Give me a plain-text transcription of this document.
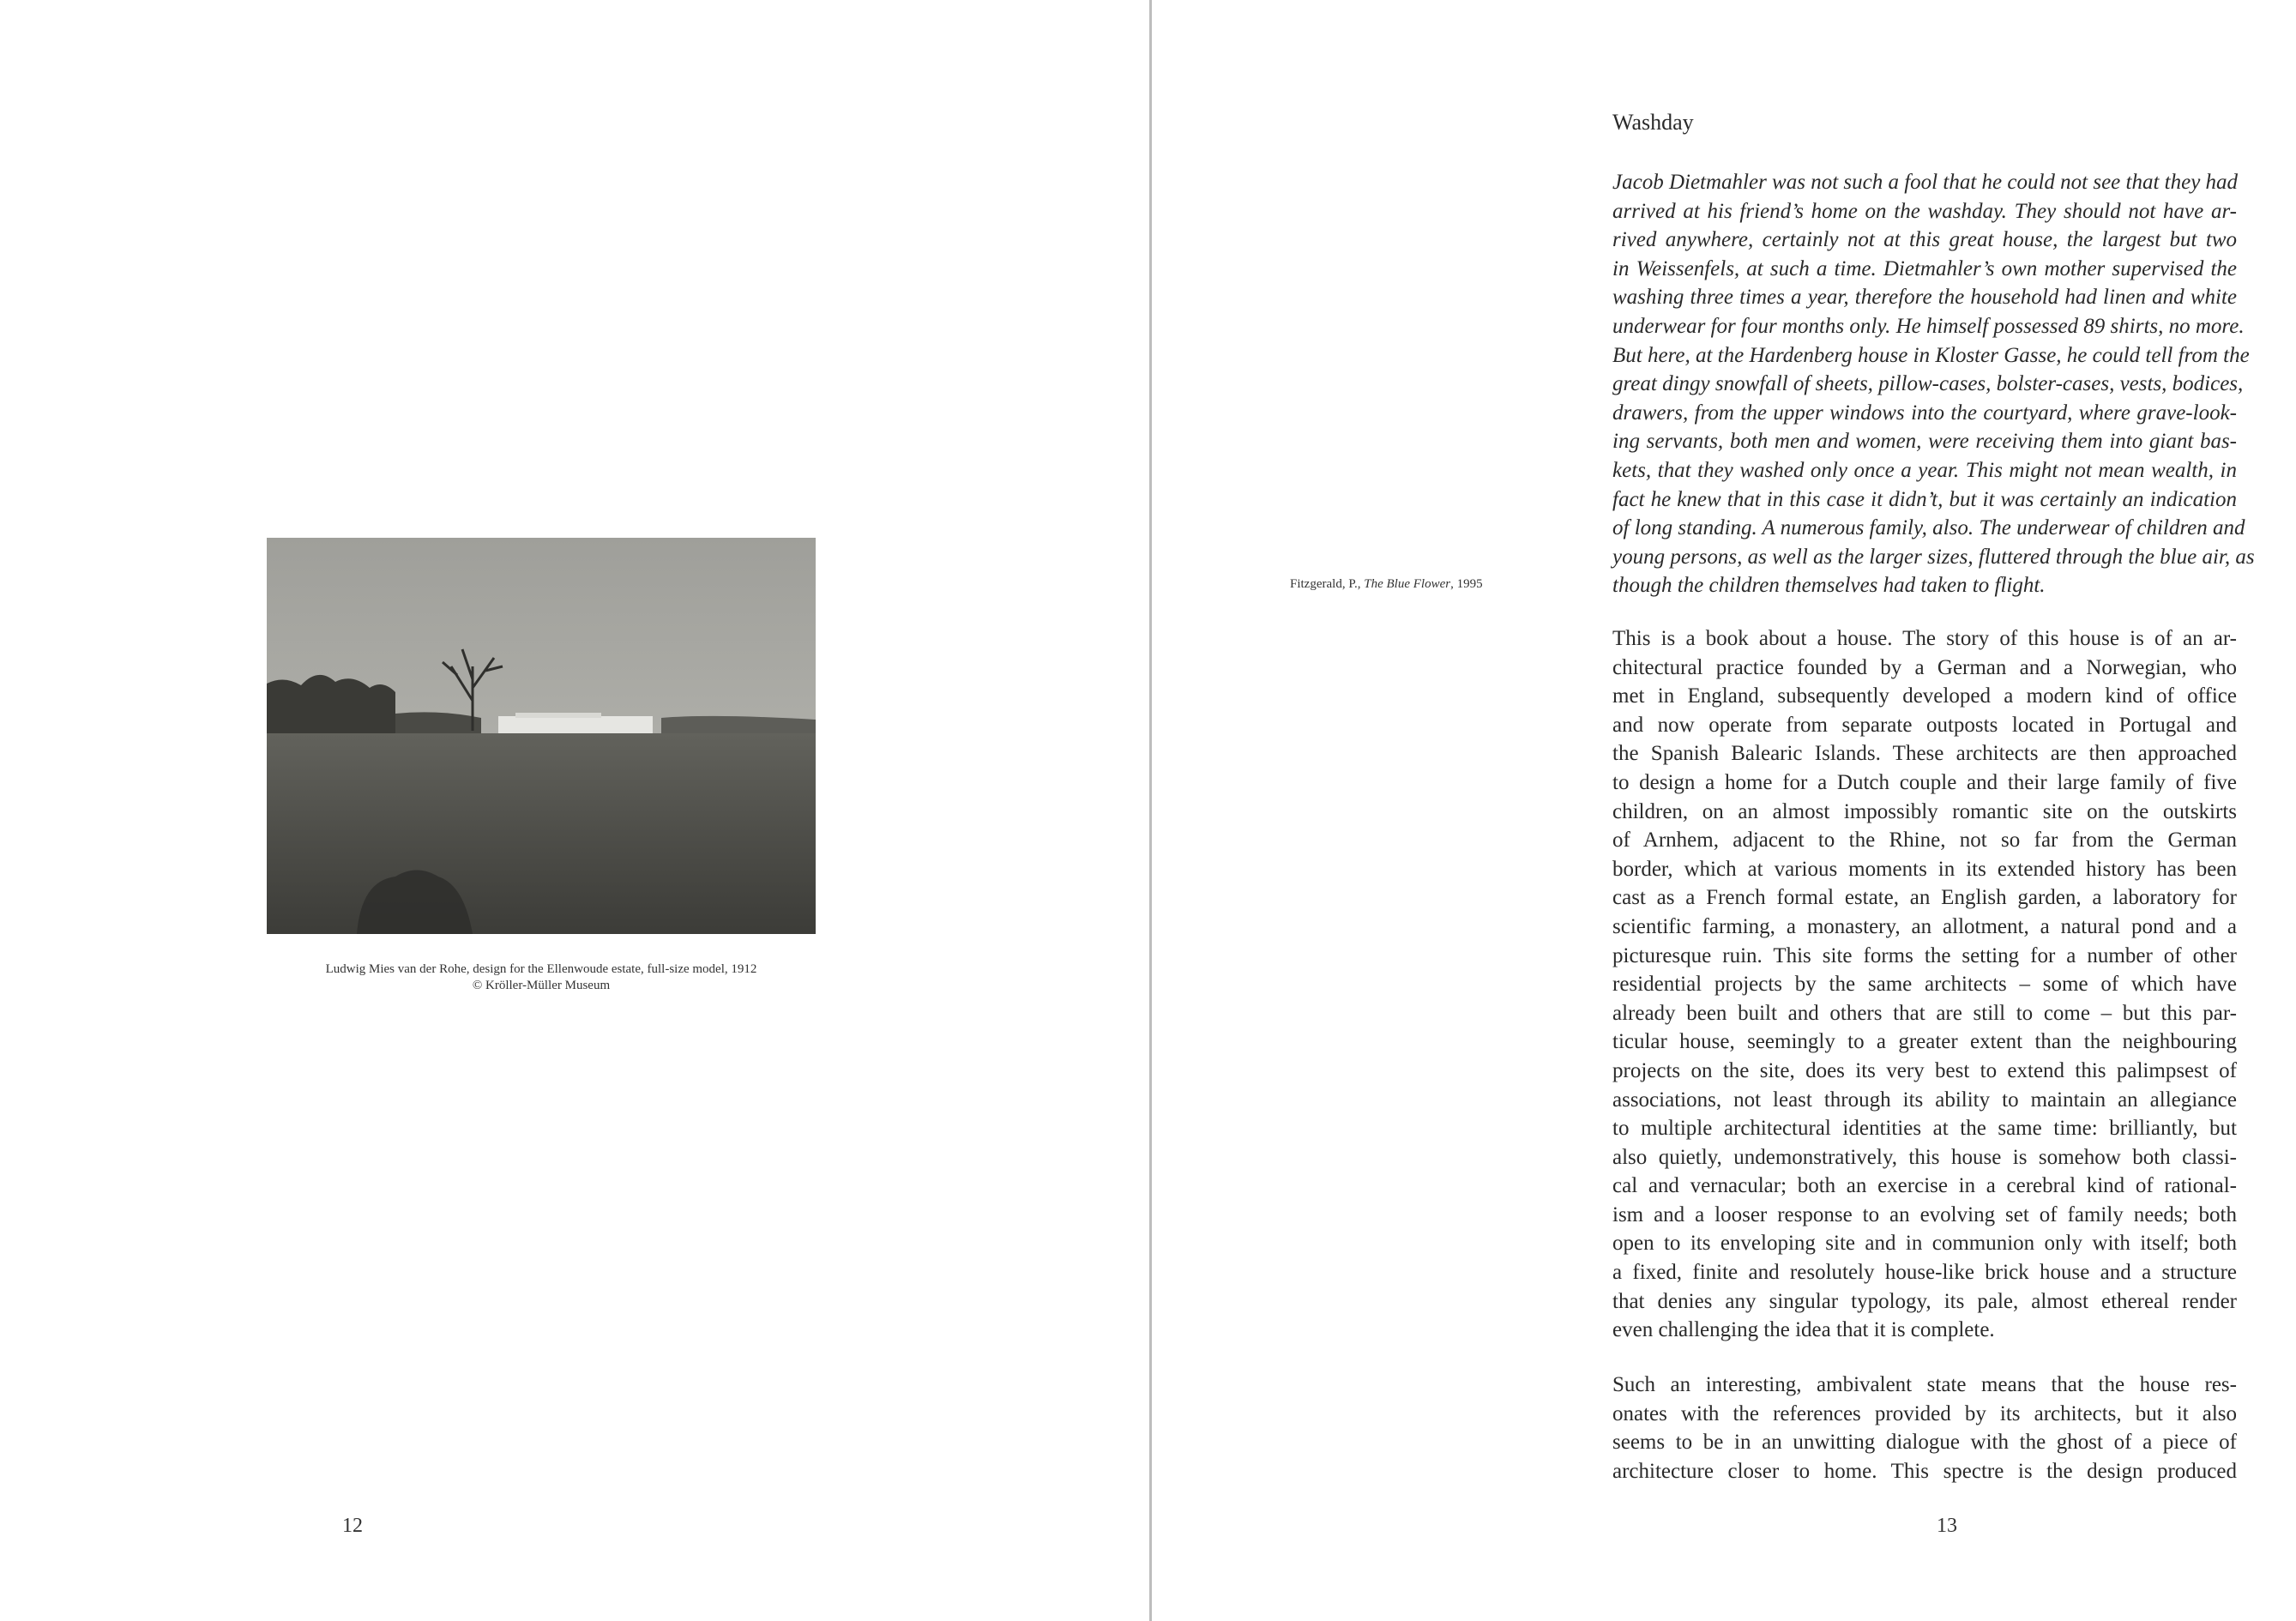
Ludwig Mies van der Rohe, design for the Ellenwoude estate, full-size model, 1912
© Kröller-Müller Museum
12
Washday
Fitzgerald, P., The Blue Flower, 1995
Jacob Dietmahler was not such a fool that he could not see that they had
arrived at his friend’s home on the washday. They should not have ar-
rived anywhere, certainly not at this great house, the largest but two
in Weissenfels, at such a time. Dietmahler’s own mother supervised the
washing three times a year, therefore the household had linen and white
underwear for four months only. He himself possessed 89 shirts, no more.
But here, at the Hardenberg house in Kloster Gasse, he could tell from the
great dingy snowfall of sheets, pillow-cases, bolster-cases, vests, bodices,
drawers, from the upper windows into the courtyard, where grave-look-
ing servants, both men and women, were receiving them into giant bas-
kets, that they washed only once a year. This might not mean wealth, in
fact he knew that in this case it didn’t, but it was certainly an indication
of long standing. A numerous family, also. The underwear of children and
young persons, as well as the larger sizes, fluttered through the blue air, as
though the children themselves had taken to flight.
This is a book about a house. The story of this house is of an ar-
chitectural practice founded by a German and a Norwegian, who
met in England, subsequently developed a modern kind of office
and now operate from separate outposts located in Portugal and
the Spanish Balearic Islands. These architects are then approached
to design a home for a Dutch couple and their large family of five
children, on an almost impossibly romantic site on the outskirts
of Arnhem, adjacent to the Rhine, not so far from the German
border, which at various moments in its extended history has been
cast as a French formal estate, an English garden, a laboratory for
scientific farming, a monastery, an allotment, a natural pond and a
picturesque ruin. This site forms the setting for a number of other
residential projects by the same architects – some of which have
already been built and others that are still to come – but this par-
ticular house, seemingly to a greater extent than the neighbouring
projects on the site, does its very best to extend this palimpsest of
associations, not least through its ability to maintain an allegiance
to multiple architectural identities at the same time: brilliantly, but
also quietly, undemonstratively, this house is somehow both classi-
cal and vernacular; both an exercise in a cerebral kind of rational-
ism and a looser response to an evolving set of family needs; both
open to its enveloping site and in communion only with itself; both
a fixed, finite and resolutely house-like brick house and a structure
that denies any singular typology, its pale, almost ethereal render
even challenging the idea that it is complete.
Such an interesting, ambivalent state means that the house res-
onates with the references provided by its architects, but it also
seems to be in an unwitting dialogue with the ghost of a piece of
architecture closer to home. This spectre is the design produced
13
